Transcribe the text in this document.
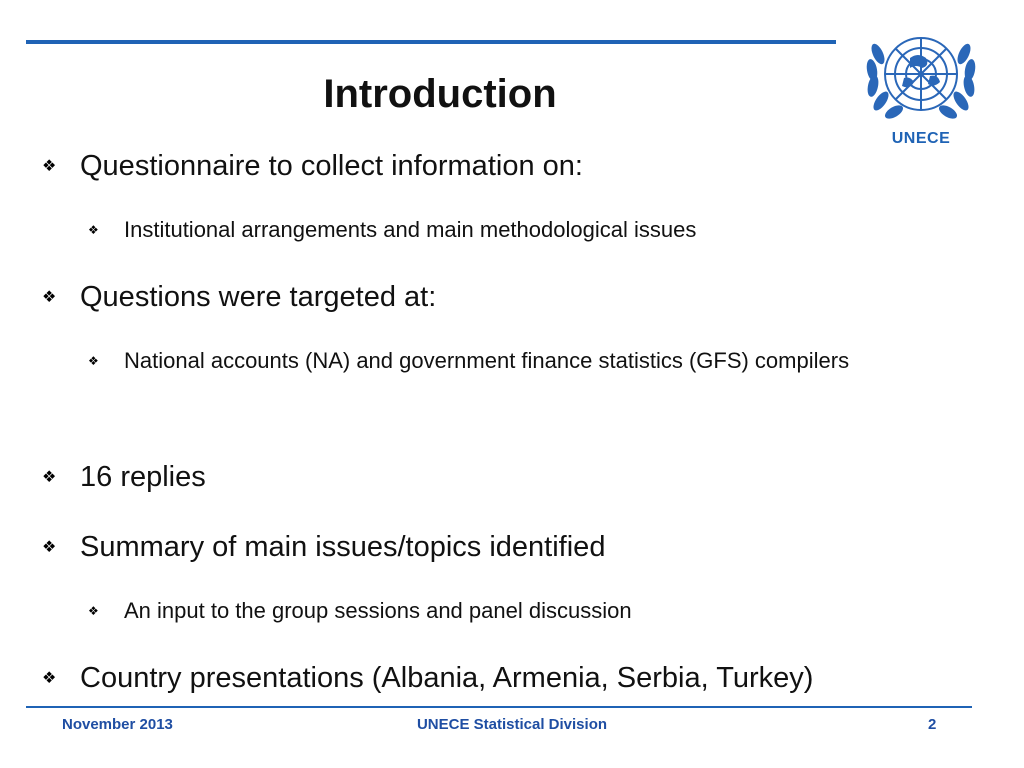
Introduction
UNECE
❖ Questionnaire to collect information on:
❖ Institutional arrangements and main methodological issues
❖ Questions were targeted at:
❖ National accounts (NA) and government finance statistics (GFS) compilers
❖ 16 replies
❖ Summary of main issues/topics identified
❖ An input to the group sessions and panel discussion
❖ Country presentations (Albania, Armenia, Serbia, Turkey)
November 2013	UNECE Statistical Division	2
